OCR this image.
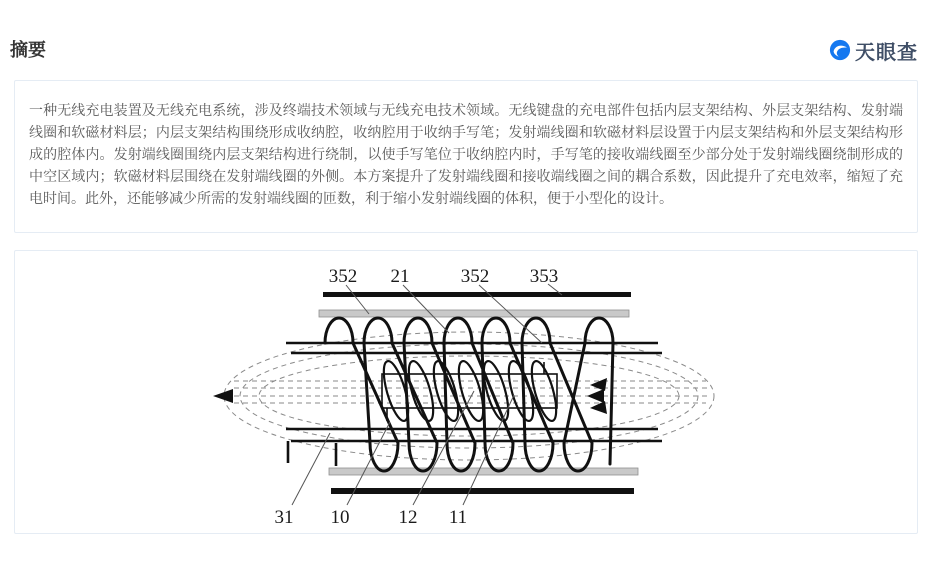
摘要	天眼查

一种无线充电装置及无线充电系统，涉及终端技术领域与无线充电技术领域。无线键盘的充电部件包括内层支架结构、外层支架结构、发射端线圈和软磁材料层；内层支架结构围绕形成收纳腔，收纳腔用于收纳手写笔；发射端线圈和软磁材料层设置于内层支架结构和外层支架结构形成的腔体内。发射端线圈围绕内层支架结构进行绕制，以使手写笔位于收纳腔内时，手写笔的接收端线圈至少部分处于发射端线圈绕制形成的中空区域内；软磁材料层围绕在发射端线圈的外侧。本方案提升了发射端线圈和接收端线圈之间的耦合系数，因此提升了充电效率，缩短了充电时间。此外，还能够减少所需的发射端线圈的匝数，利于缩小发射端线圈的体积，便于小型化的设计。

352 21	352 353
31 10	12 11
